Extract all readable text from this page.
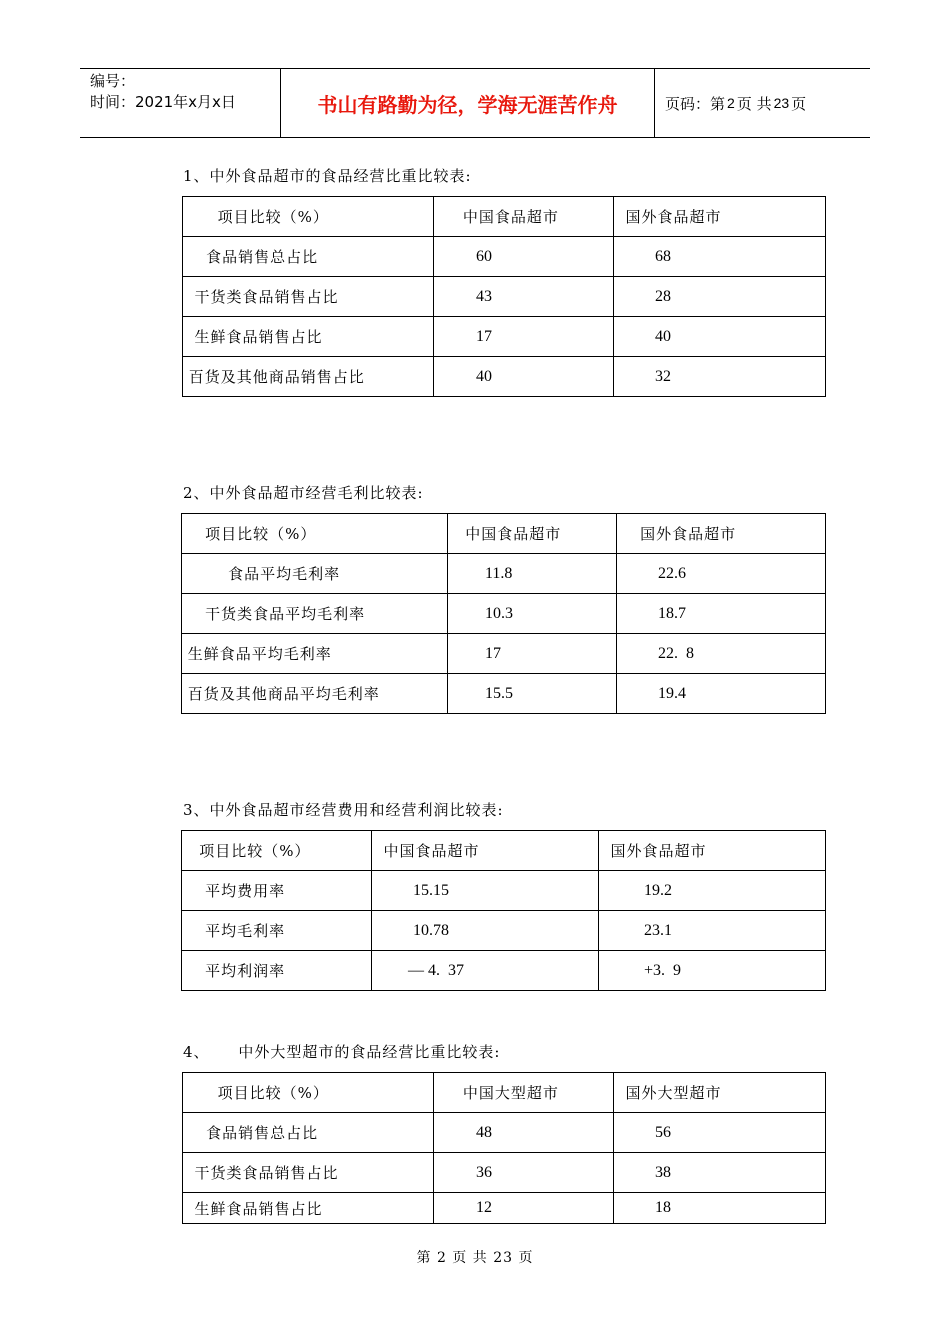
编号：
时间：2021年x月x日	书山有路勤为径，学海无涯苦作舟	页码：第 2 页 共 23 页
1、中外食品超市的食品经营比重比较表:
项目比较（%）	中国食品超市	国外食品超市
食品销售总占比	60	68
干货类食品销售占比	43	28
生鲜食品销售占比	17	40
百货及其他商品销售占比	40	32
2、中外食品超市经营毛利比较表:
项目比较（%）	中国食品超市	国外食品超市
食品平均毛利率	11.8	22.6
干货类食品平均毛利率	10.3	18.7
生鲜食品平均毛利率	17	22.  8
百货及其他商品平均毛利率	15.5	19.4
3、中外食品超市经营费用和经营利润比较表:
项目比较（%）	中国食品超市	国外食品超市
平均费用率	15.15	19.2
平均毛利率	10.78	23.1
平均利润率	— 4.  37	+3.  9
4、     中外大型超市的食品经营比重比较表:
项目比较（%）	中国大型超市	国外大型超市
食品销售总占比	48	56
干货类食品销售占比	36	38
生鲜食品销售占比	12	18
第 2 页 共 23 页
